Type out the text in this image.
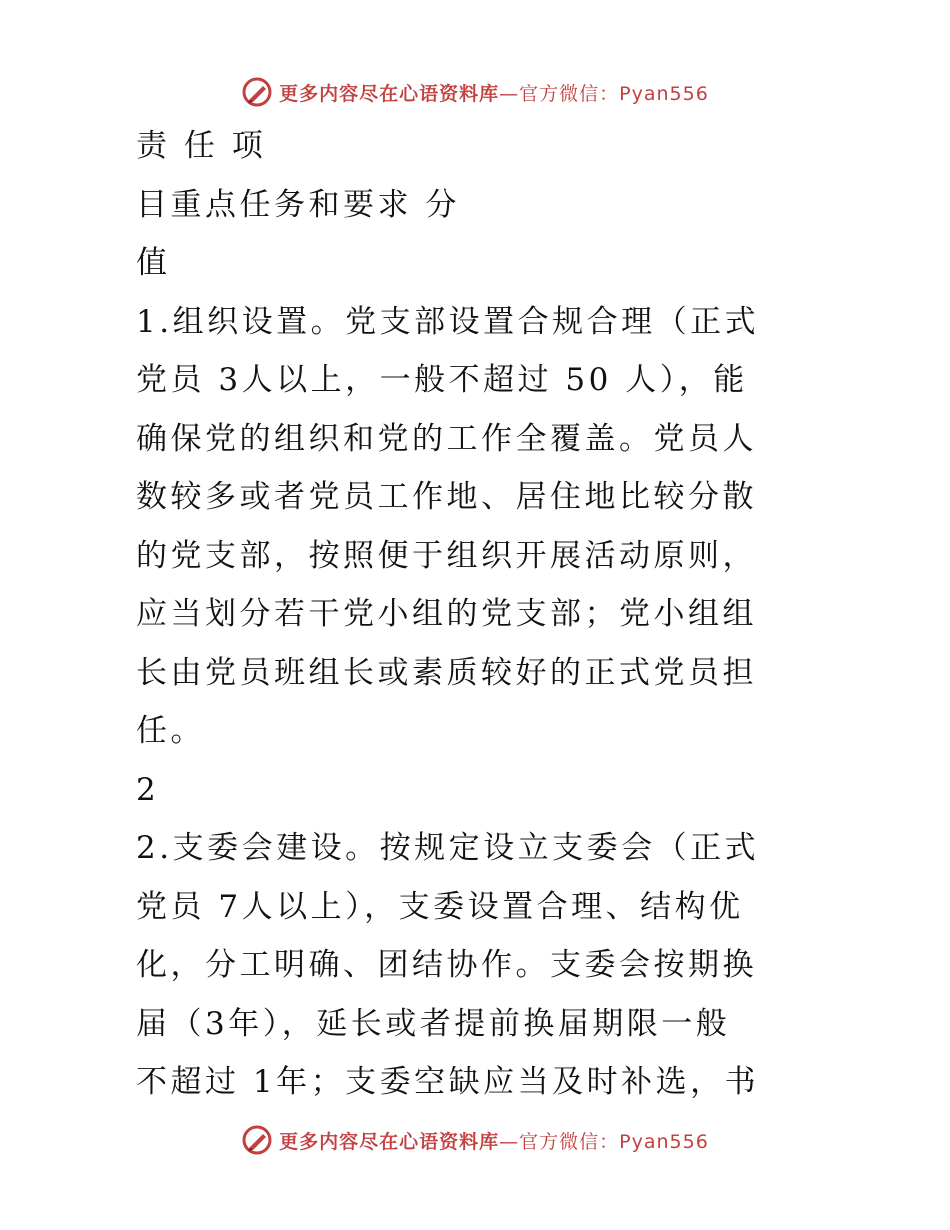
更多内容尽在心语资料库—官方微信：Pyan556
责 任 项
目重点任务和要求 分
值
1.组织设置。党支部设置合规合理（正式
党员 3人以上，一般不超过 50 人），能
确保党的组织和党的工作全覆盖。党员人
数较多或者党员工作地、居住地比较分散
的党支部，按照便于组织开展活动原则，
应当划分若干党小组的党支部；党小组组
长由党员班组长或素质较好的正式党员担
任。
2
2.支委会建设。按规定设立支委会（正式
党员 7人以上），支委设置合理、结构优
化，分工明确、团结协作。支委会按期换
届（3年），延长或者提前换届期限一般
不超过 1年；支委空缺应当及时补选，书
更多内容尽在心语资料库—官方微信：Pyan556
